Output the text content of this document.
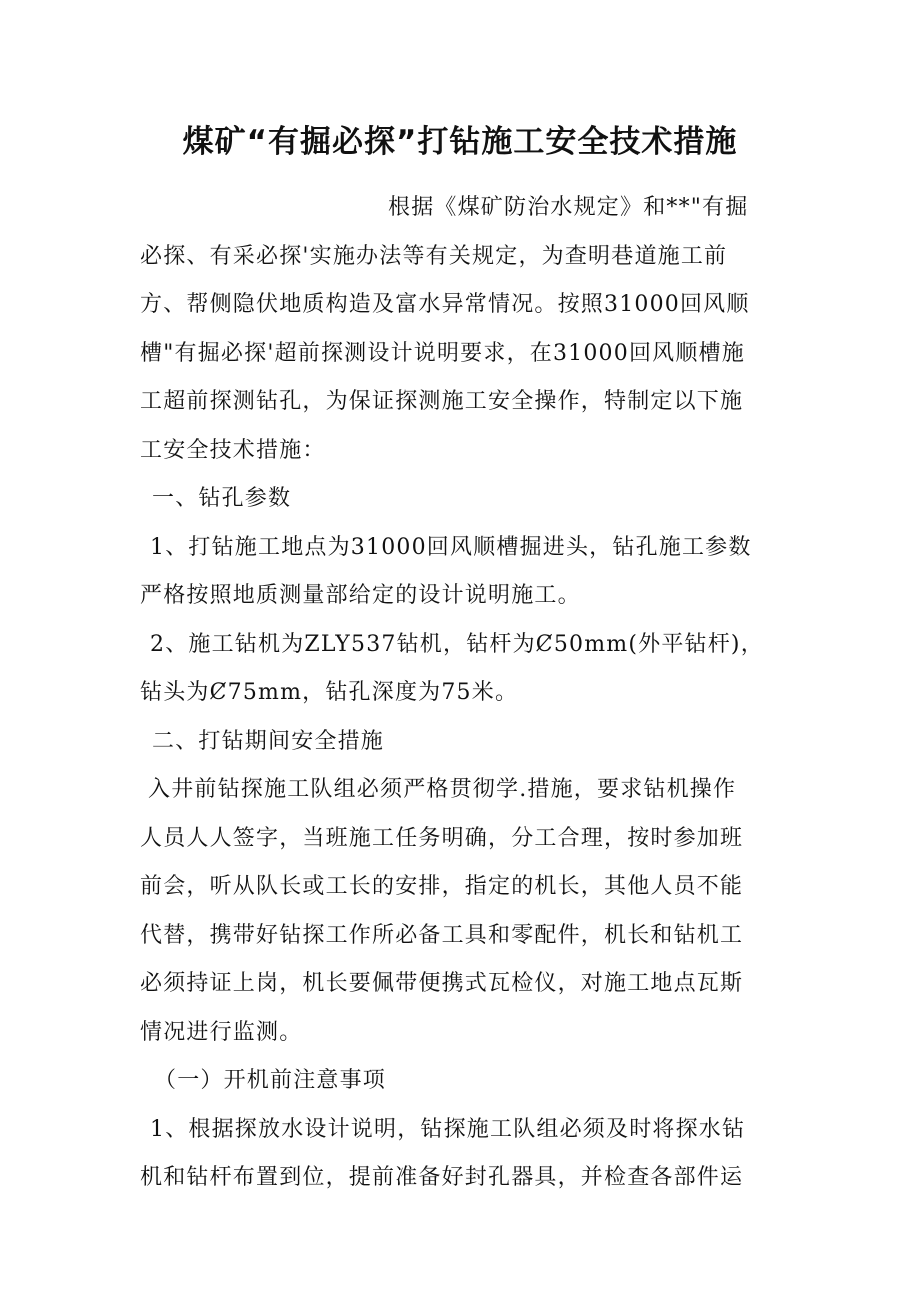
煤矿“有掘必探”打钻施工安全技术措施
根据《煤矿防治水规定》和**"有掘
必探、有采必探'实施办法等有关规定，为查明巷道施工前
方、帮侧隐伏地质构造及富水异常情况。按照31000回风顺
槽"有掘必探'超前探测设计说明要求，在31000回风顺槽施
工超前探测钻孔，为保证探测施工安全操作，特制定以下施
工安全技术措施：
一、钻孔参数
1、打钻施工地点为31000回风顺槽掘进头，钻孔施工参数
严格按照地质测量部给定的设计说明施工。
2、施工钻机为ZLY537钻机，钻杆为Ȼ50mm(外平钻杆)，
钻头为Ȼ75mm，钻孔深度为75米。
二、打钻期间安全措施
入井前钻探施工队组必须严格贯彻学.措施，要求钻机操作
人员人人签字，当班施工任务明确，分工合理，按时参加班
前会，听从队长或工长的安排，指定的机长，其他人员不能
代替，携带好钻探工作所必备工具和零配件，机长和钻机工
必须持证上岗，机长要佩带便携式瓦检仪，对施工地点瓦斯
情况进行监测。
（一）开机前注意事项
1、根据探放水设计说明，钻探施工队组必须及时将探水钻
机和钻杆布置到位，提前准备好封孔器具，并检查各部件运
